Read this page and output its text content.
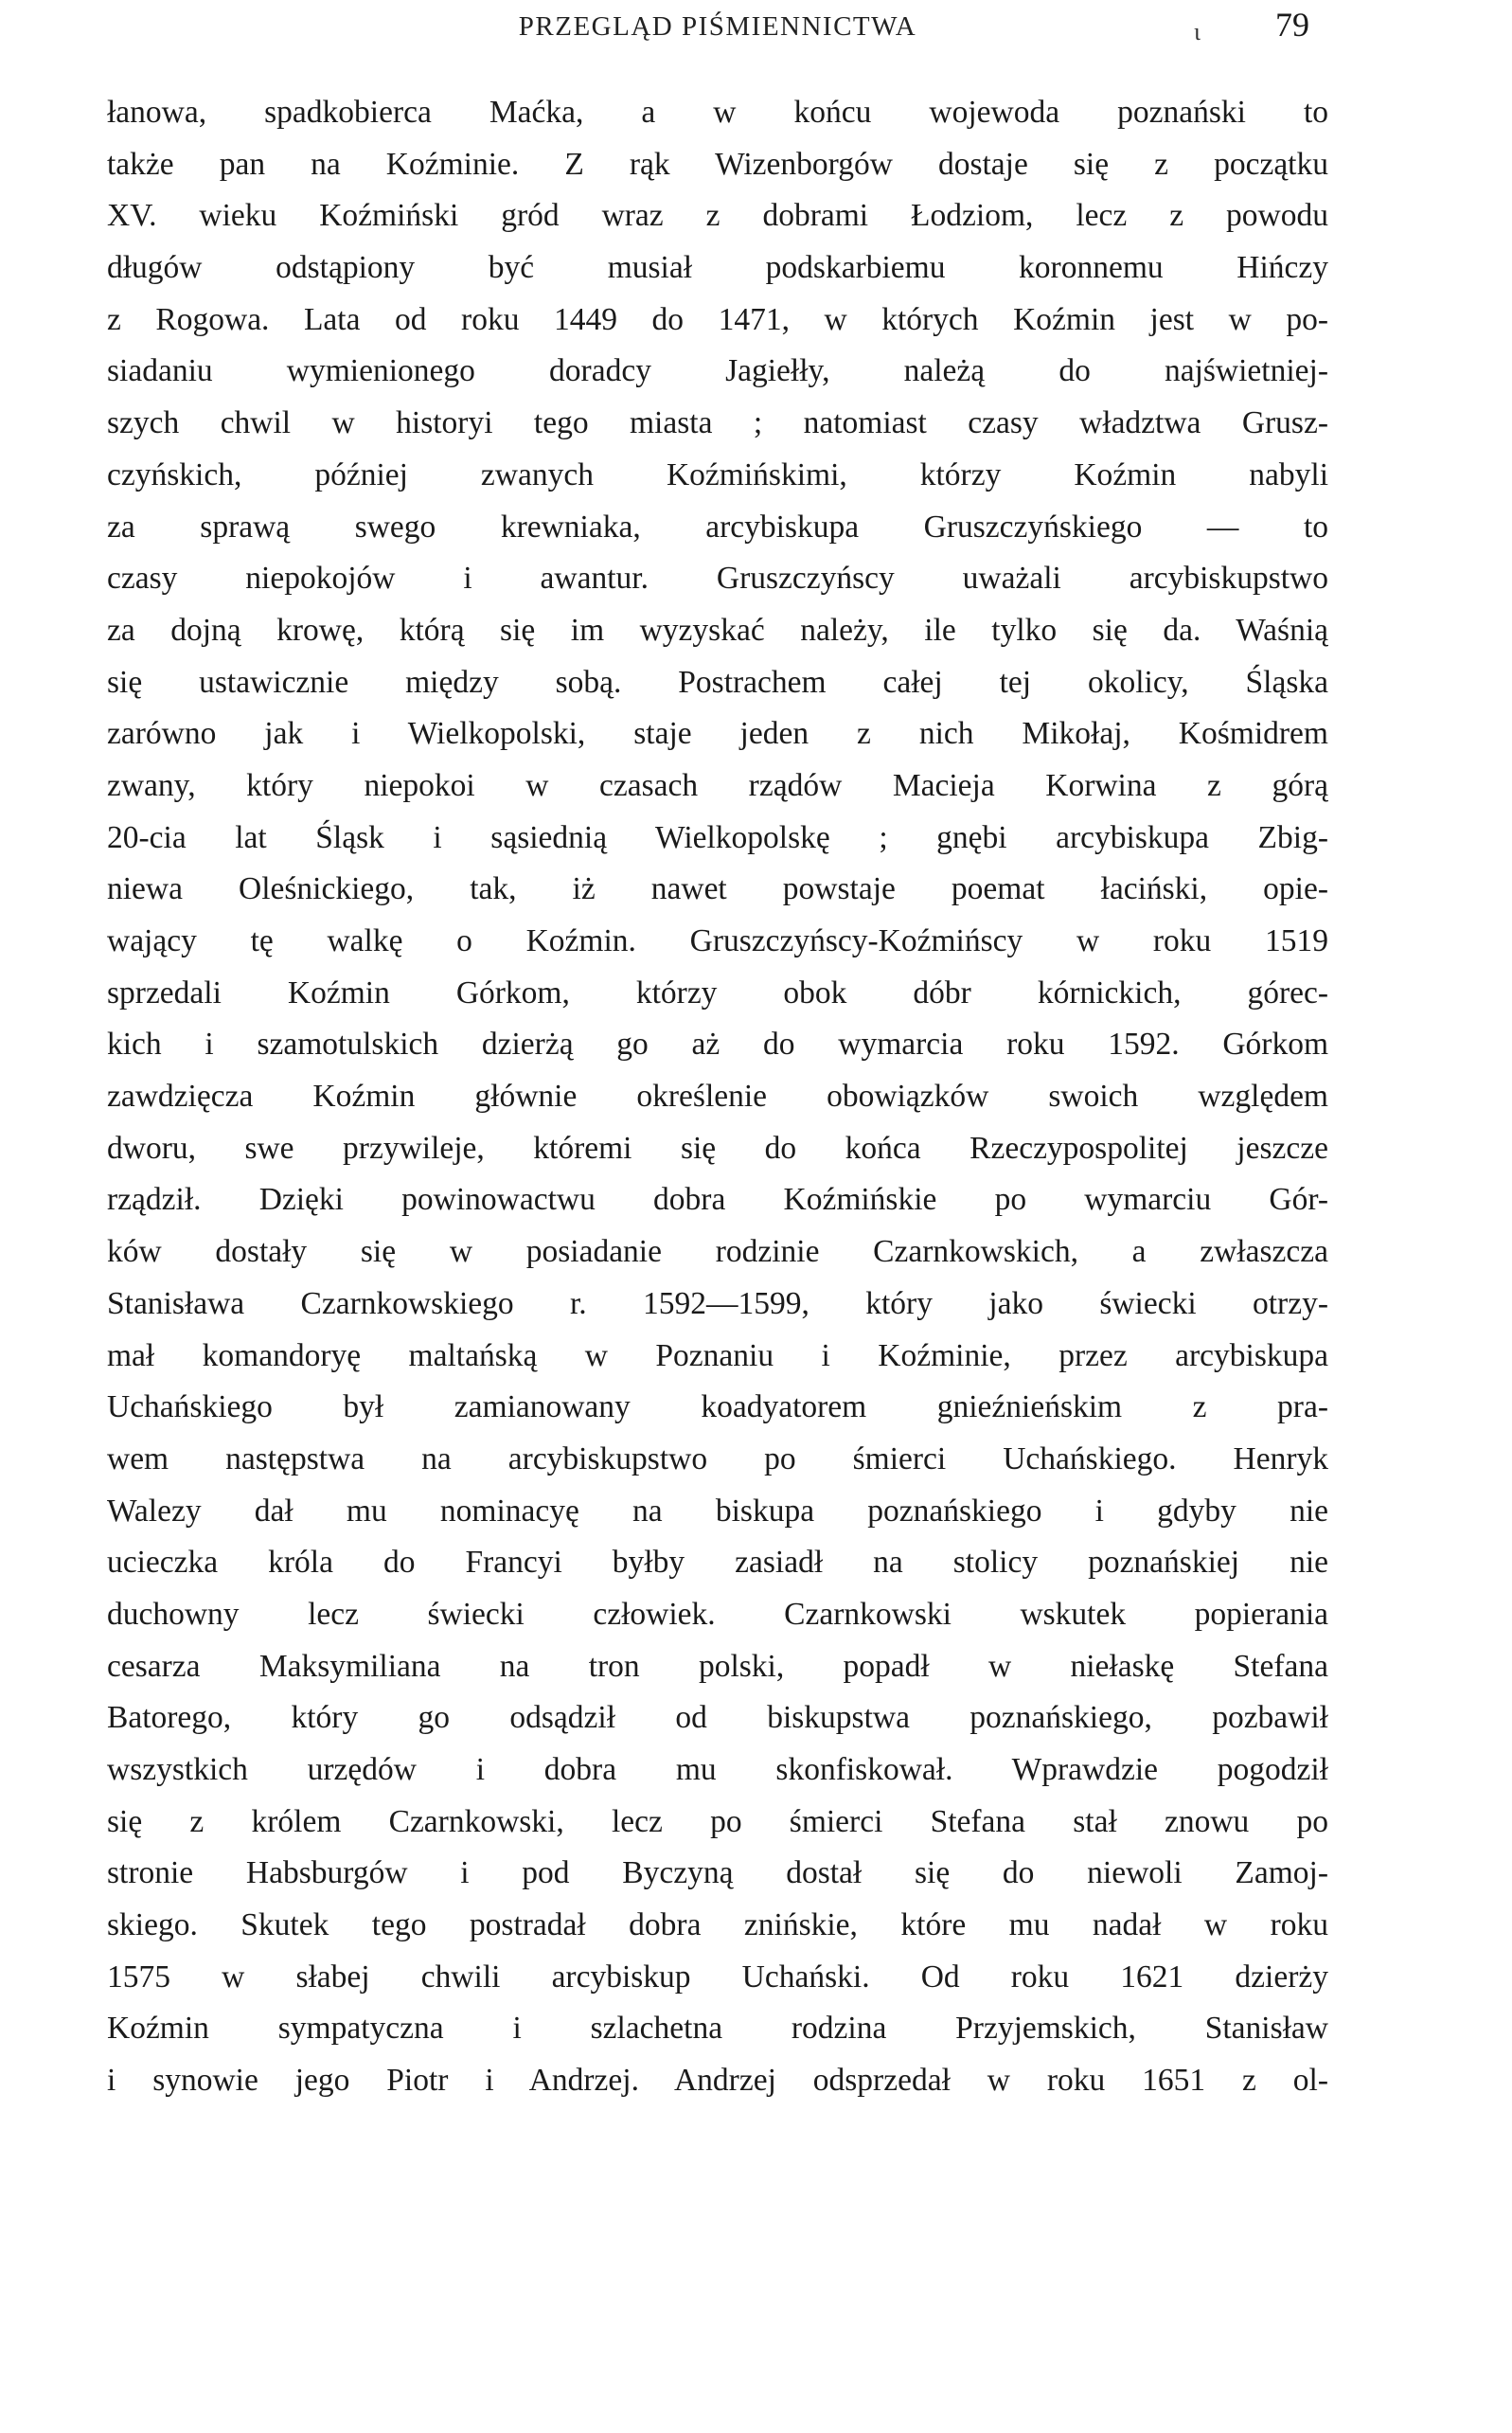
PRZEGLĄD PIŚMIENNICTWA	ɩ 79
łanowa, spadkobierca Maćka, a w końcu wojewoda poznański to
także pan na Koźminie. Z rąk Wizenborgów dostaje się z początku
XV. wieku Koźmiński gród wraz z dobrami Łodziom, lecz z powodu
długów odstąpiony być musiał podskarbiemu koronnemu Hińczy
z Rogowa. Lata od roku 1449 do 1471, w których Koźmin jest w po-
siadaniu wymienionego doradcy Jagiełły, należą do najświetniej-
szych chwil w historyi tego miasta ; natomiast czasy władztwa Grusz-
czyńskich, później zwanych Koźmińskimi, którzy Koźmin nabyli
za sprawą swego krewniaka, arcybiskupa Gruszczyńskiego — to
czasy niepokojów i awantur. Gruszczyńscy uważali arcybiskupstwo
za dojną krowę, którą się im wyzyskać należy, ile tylko się da. Waśnią
się ustawicznie między sobą. Postrachem całej tej okolicy, Śląska
zarówno jak i Wielkopolski, staje jeden z nich Mikołaj, Kośmidrem
zwany, który niepokoi w czasach rządów Macieja Korwina z górą
20-cia lat Śląsk i sąsiednią Wielkopolskę ; gnębi arcybiskupa Zbig-
niewa Oleśnickiego, tak, iż nawet powstaje poemat łaciński, opie-
wający tę walkę o Koźmin. Gruszczyńscy-Koźmińscy w roku 1519
sprzedali Koźmin Górkom, którzy obok dóbr kórnickich, górec-
kich i szamotulskich dzierżą go aż do wymarcia roku 1592. Górkom
zawdzięcza Koźmin głównie określenie obowiązków swoich względem
dworu, swe przywileje, któremi się do końca Rzeczypospolitej jeszcze
rządził. Dzięki powinowactwu dobra Koźmińskie po wymarciu Gór-
ków dostały się w posiadanie rodzinie Czarnkowskich, a zwłaszcza
Stanisława Czarnkowskiego r. 1592—1599, który jako świecki otrzy-
mał komandoryę maltańską w Poznaniu i Koźminie, przez arcybiskupa
Uchańskiego był zamianowany koadyatorem gnieźnieńskim z pra-
wem następstwa na arcybiskupstwo po śmierci Uchańskiego. Henryk
Walezy dał mu nominacyę na biskupa poznańskiego i gdyby nie
ucieczka króla do Francyi byłby zasiadł na stolicy poznańskiej nie
duchowny lecz świecki człowiek. Czarnkowski wskutek popierania
cesarza Maksymiliana na tron polski, popadł w niełaskę Stefana
Batorego, który go odsądził od biskupstwa poznańskiego, pozbawił
wszystkich urzędów i dobra mu skonfiskował. Wprawdzie pogodził
się z królem Czarnkowski, lecz po śmierci Stefana stał znowu po
stronie Habsburgów i pod Byczyną dostał się do niewoli Zamoj-
skiego. Skutek tego postradał dobra znińskie, które mu nadał w roku
1575 w słabej chwili arcybiskup Uchański. Od roku 1621 dzierży
Koźmin sympatyczna i szlachetna rodzina Przyjemskich, Stanisław
i synowie jego Piotr i Andrzej. Andrzej odsprzedał w roku 1651 z ol-
